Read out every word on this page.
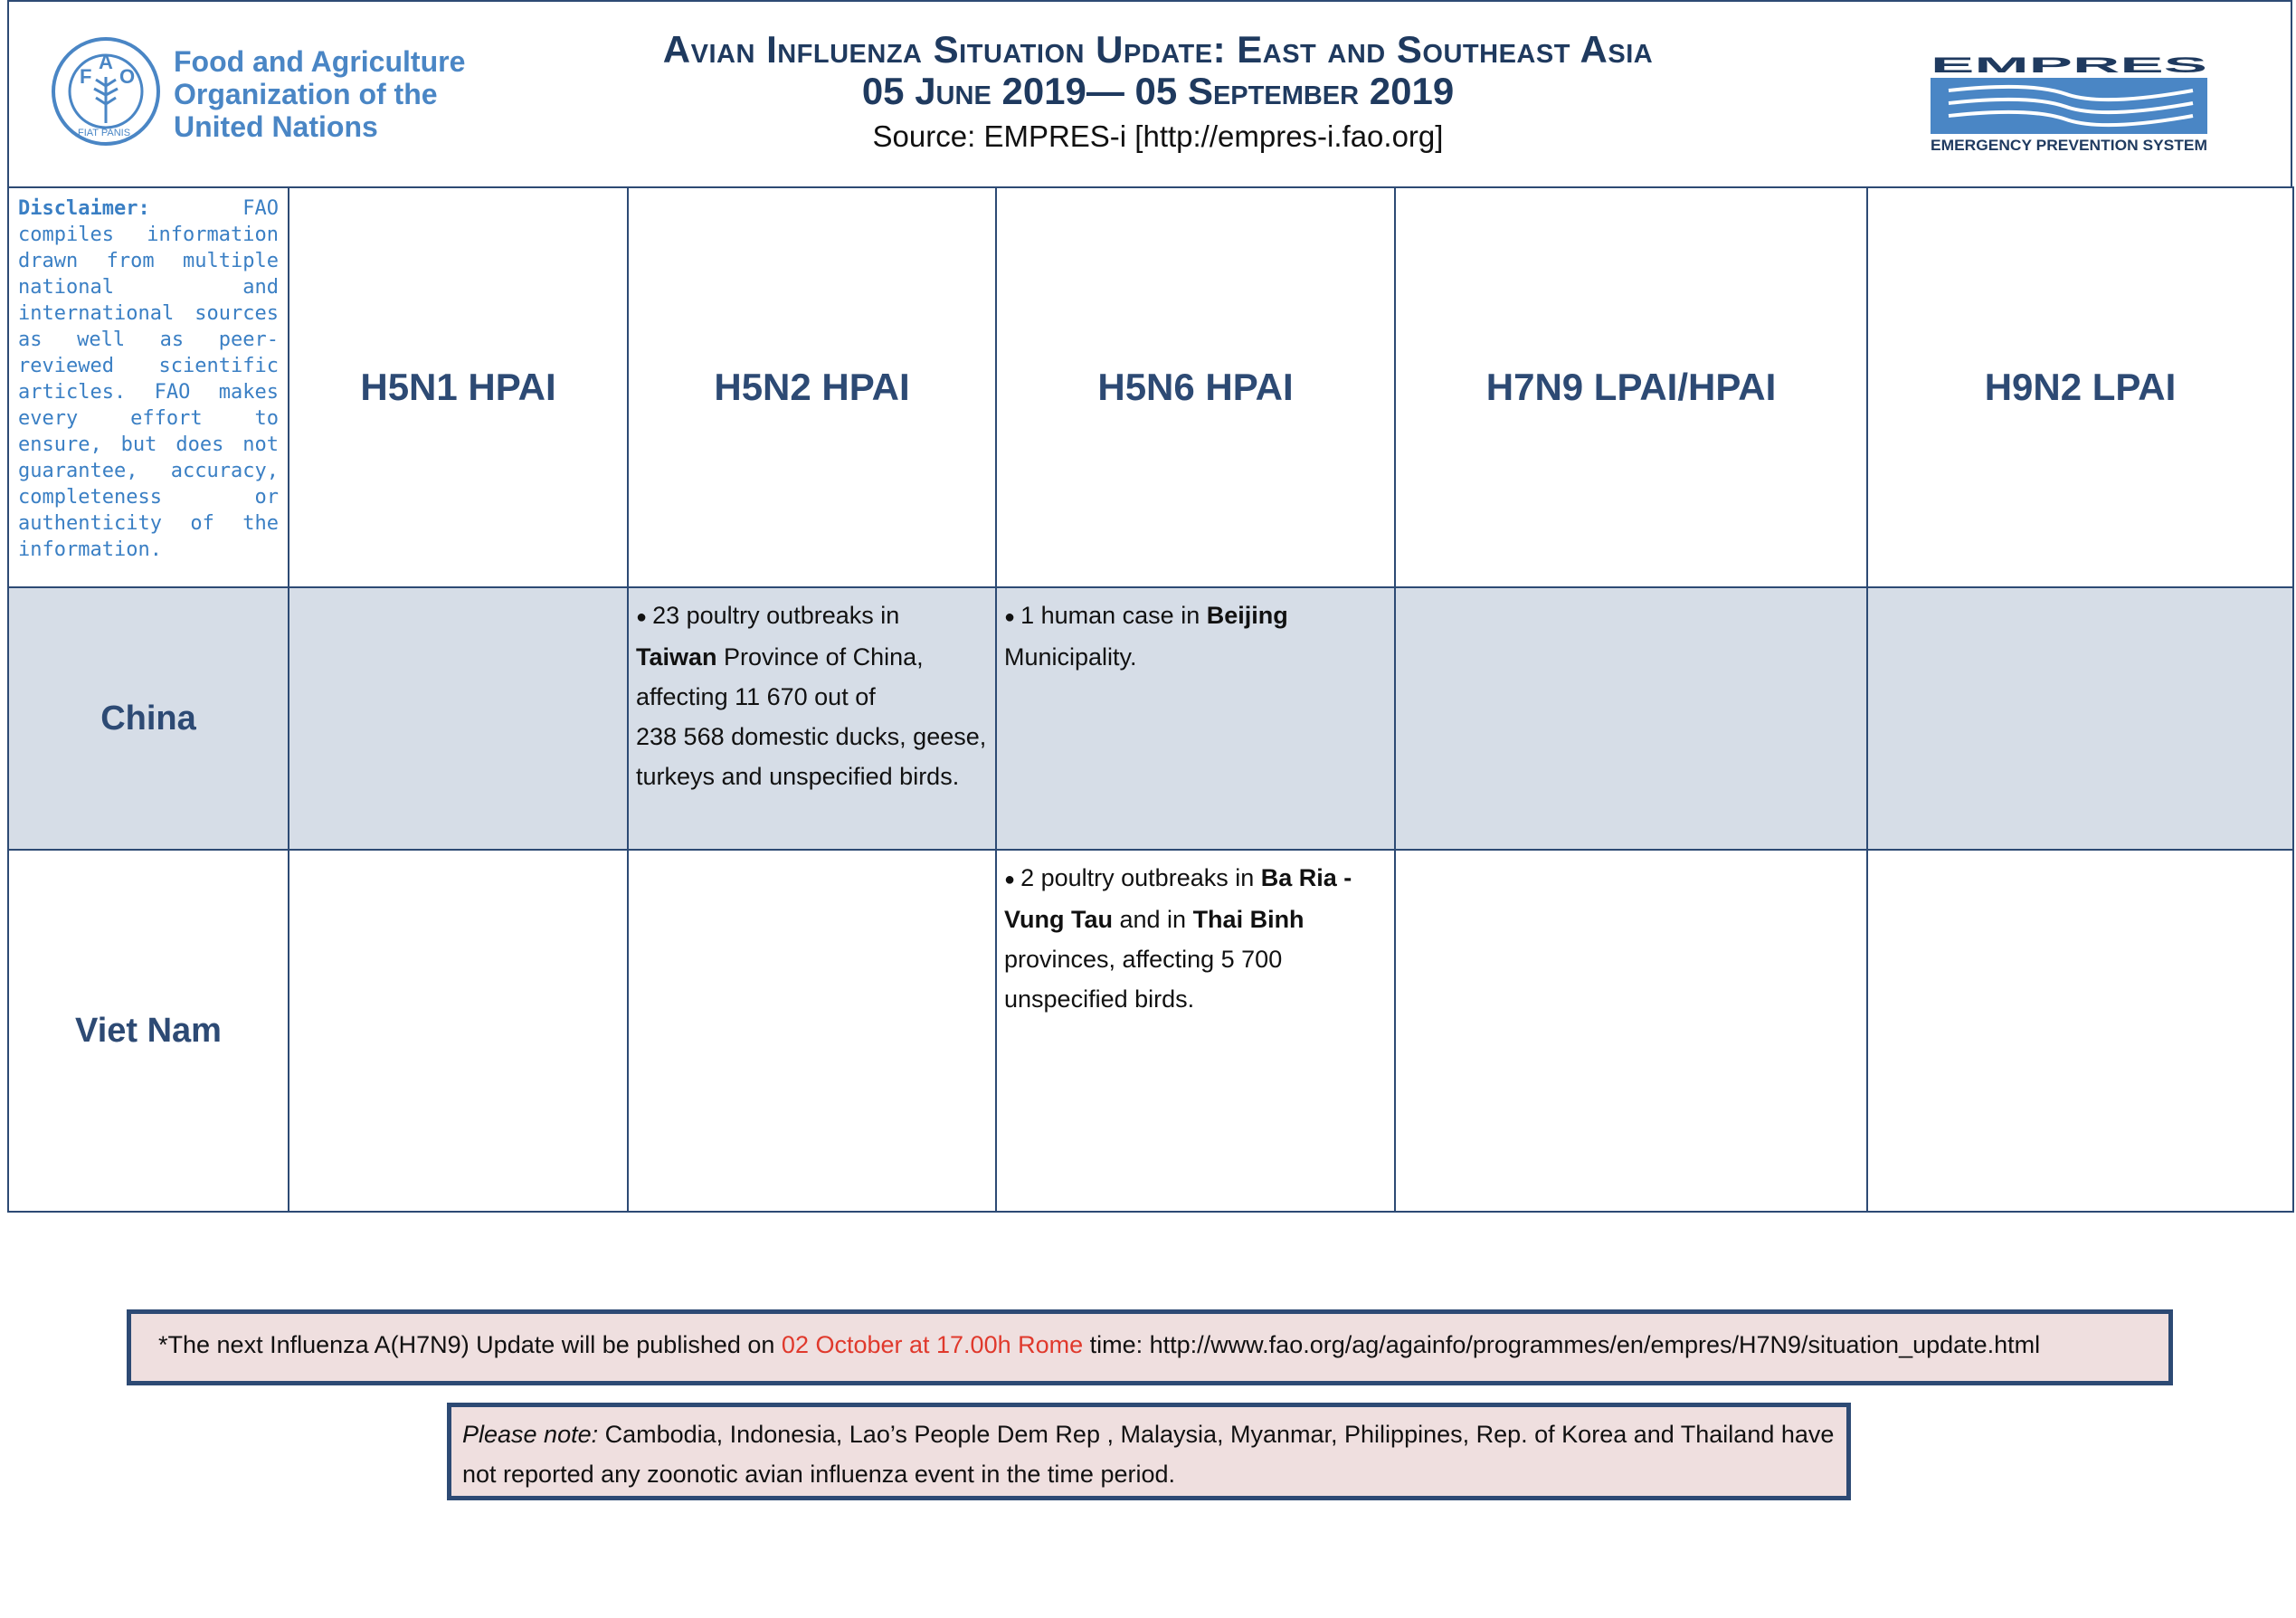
F
A
O
FIAT PANIS
Food and Agriculture
Organization of the
United Nations
Avian Influenza Situation Update: East and Southeast Asia
05 June 2019— 05 September 2019
Source: EMPRES-i [http://empres-i.fao.org]
EMPRES
EMERGENCY PREVENTION SYSTEM
Disclaimer: FAO compiles information drawn from multiple national and international sources as well as peer-reviewed scientific articles. FAO makes every effort to ensure, but does not guarantee, accuracy, completeness or authenticity of the information.	H5N1 HPAI	H5N2 HPAI	H5N6 HPAI	H7N9 LPAI/HPAI	H9N2 LPAI
China		● 23 poultry outbreaks in
Taiwan Province of China, affecting 11 670 out of
238 568 domestic ducks, geese, turkeys and unspecified birds.	● 1 human case in Beijing Municipality.		

Viet Nam			● 2 poultry outbreaks in Ba Ria - Vung Tau and in Thai Binh provinces, affecting 5 700 unspecified birds.		

*The next Influenza A(H7N9) Update will be published on 02 October at 17.00h Rome time: http://www.fao.org/ag/againfo/programmes/en/empres/H7N9/situation_update.html
Please note: Cambodia, Indonesia, Lao’s People Dem Rep , Malaysia, Myanmar, Philippines, Rep. of Korea and Thailand have not reported any zoonotic avian influenza event in the time period.
